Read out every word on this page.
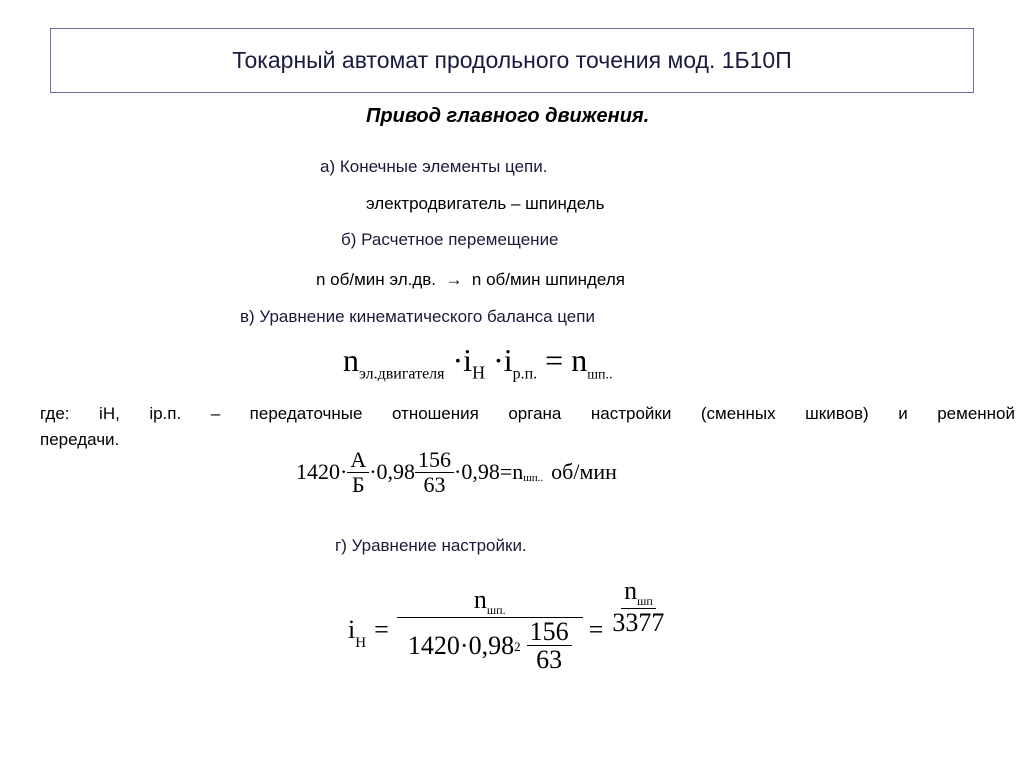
Токарный автомат продольного точения мод. 1Б10П
Привод главного движения.
а) Конечные элементы цепи.
электродвигатель – шпиндель
б) Расчетное перемещение
n об/мин эл.дв.  →  n об/мин шпинделя
в) Уравнение кинематического баланса цепи
$n_{эл.двигателя} \cdot i_Н \cdot i_{р.п.} = n_{шп..}$
где: iН, iр.п. – передаточные отношения органа настройки (сменных шкивов) и ременной
передачи.
$1420 \cdot \frac{А}{Б} \cdot 0,98 \frac{156}{63} \cdot 0,98 = n_{шп..}$ об/мин
г) Уравнение настройки.
$i_Н = \frac{n_{шп.}}{1420 \cdot 0,98 2 \frac{156}{63}} = \frac{n_{шп}}{3377}$
